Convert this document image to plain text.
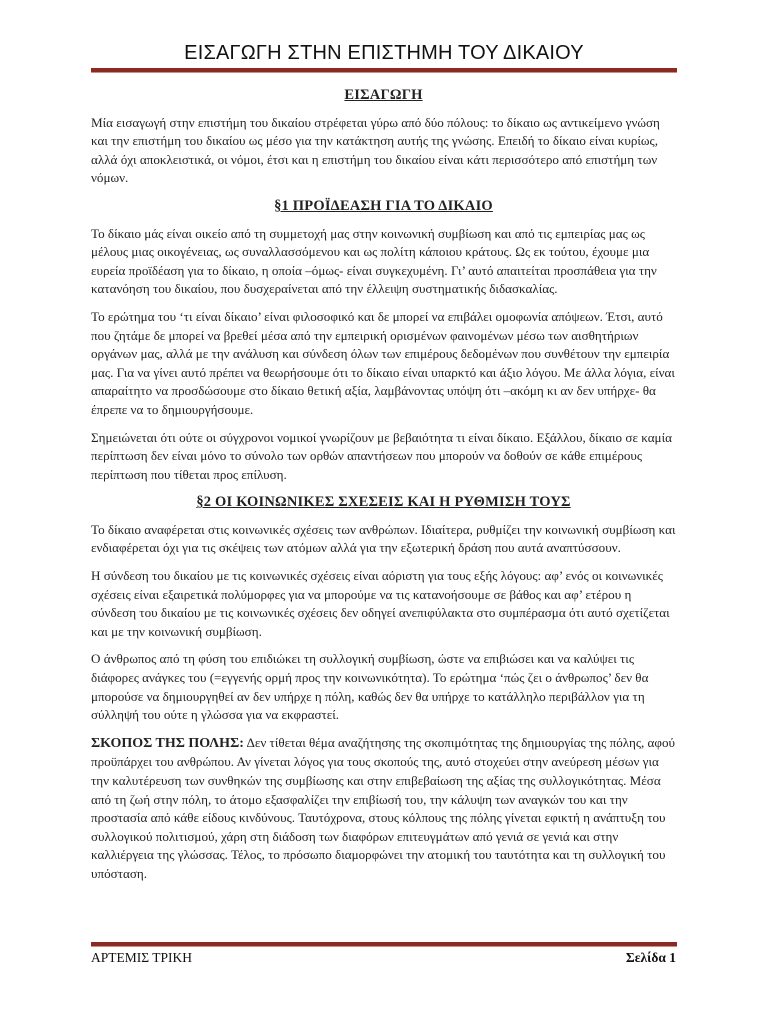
ΕΙΣΑΓΩΓΗ ΣΤΗΝ ΕΠΙΣΤΗΜΗ ΤΟΥ ΔΙΚΑΙΟΥ
ΕΙΣΑΓΩΓΗ

Μία εισαγωγή στην επιστήμη του δικαίου στρέφεται γύρω από δύο πόλους: το δίκαιο ως αντικείμενο γνώση και την επιστήμη του δικαίου ως μέσο για την κατάκτηση αυτής της γνώσης. Επειδή το δίκαιο είναι κυρίως, αλλά όχι αποκλειστικά, οι νόμοι, έτσι και η επιστήμη του δικαίου είναι κάτι περισσότερο από επιστήμη των νόμων.

§1 ΠΡΟΪΔΕΑΣΗ ΓΙΑ ΤΟ ΔΙΚΑΙΟ

Το δίκαιο μάς είναι οικείο από τη συμμετοχή μας στην κοινωνική συμβίωση και από τις εμπειρίας μας ως μέλους μιας οικογένειας, ως συναλλασσόμενου και ως πολίτη κάποιου κράτους. Ως εκ τούτου, έχουμε μια ευρεία προϊδέαση για το δίκαιο, η οποία –όμως- είναι συγκεχυμένη. Γι’ αυτό απαιτείται προσπάθεια για την κατανόηση του δικαίου, που δυσχεραίνεται από την έλλειψη συστηματικής διδασκαλίας.

Το ερώτημα του ‘τι είναι δίκαιο’ είναι φιλοσοφικό και δε μπορεί να επιβάλει ομοφωνία απόψεων. Έτσι, αυτό που ζητάμε δε μπορεί να βρεθεί μέσα από την εμπειρική ορισμένων φαινομένων μέσω των αισθητήριων οργάνων μας, αλλά με την ανάλυση και σύνδεση όλων των επιμέρους δεδομένων που συνθέτουν την εμπειρία μας. Για να γίνει αυτό πρέπει να θεωρήσουμε ότι το δίκαιο είναι υπαρκτό και άξιο λόγου. Με άλλα λόγια, είναι απαραίτητο να προσδώσουμε στο δίκαιο θετική αξία, λαμβάνοντας υπόψη ότι –ακόμη κι αν δεν υπήρχε- θα έπρεπε να το δημιουργήσουμε.

Σημειώνεται ότι ούτε οι σύγχρονοι νομικοί γνωρίζουν με βεβαιότητα τι είναι δίκαιο. Εξάλλου, δίκαιο σε καμία περίπτωση δεν είναι μόνο το σύνολο των ορθών απαντήσεων που μπορούν να δοθούν σε κάθε επιμέρους περίπτωση που τίθεται προς επίλυση.

§2 ΟΙ ΚΟΙΝΩΝΙΚΕΣ ΣΧΕΣΕΙΣ ΚΑΙ Η ΡΥΘΜΙΣΗ ΤΟΥΣ

Το δίκαιο αναφέρεται στις κοινωνικές σχέσεις των ανθρώπων. Ιδιαίτερα, ρυθμίζει την κοινωνική συμβίωση και ενδιαφέρεται όχι για τις σκέψεις των ατόμων αλλά για την εξωτερική δράση που αυτά αναπτύσσουν.

Η σύνδεση του δικαίου με τις κοινωνικές σχέσεις είναι αόριστη για τους εξής λόγους: αφ’ ενός οι κοινωνικές σχέσεις είναι εξαιρετικά πολύμορφες για να μπορούμε να τις κατανοήσουμε σε βάθος και αφ’ ετέρου η σύνδεση του δικαίου με τις κοινωνικές σχέσεις δεν οδηγεί ανεπιφύλακτα στο συμπέρασμα ότι αυτό σχετίζεται και με την κοινωνική συμβίωση.

Ο άνθρωπος από τη φύση του επιδιώκει τη συλλογική συμβίωση, ώστε να επιβιώσει και να καλύψει τις διάφορες ανάγκες του (=εγγενής ορμή προς την κοινωνικότητα). Το ερώτημα ‘πώς ζει ο άνθρωπος’ δεν θα μπορούσε να δημιουργηθεί αν δεν υπήρχε η πόλη, καθώς δεν θα υπήρχε το κατάλληλο περιβάλλον για τη σύλληψή του ούτε η γλώσσα για να εκφραστεί.

ΣΚΟΠΟΣ ΤΗΣ ΠΟΛΗΣ: Δεν τίθεται θέμα αναζήτησης της σκοπιμότητας της δημιουργίας της πόλης, αφού προϋπάρχει του ανθρώπου. Αν γίνεται λόγος για τους σκοπούς της, αυτό στοχεύει στην ανεύρεση μέσων για την καλυτέρευση των συνθηκών της συμβίωσης και στην επιβεβαίωση της αξίας της συλλογικότητας. Μέσα από τη ζωή στην πόλη, το άτομο εξασφαλίζει την επιβίωσή του, την κάλυψη των αναγκών του και την προστασία από κάθε είδους κινδύνους. Ταυτόχρονα, στους κόλπους της πόλης γίνεται εφικτή η ανάπτυξη του συλλογικού πολιτισμού, χάρη στη διάδοση των διαφόρων επιτευγμάτων από γενιά σε γενιά και στην καλλιέργεια της γλώσσας. Τέλος, το πρόσωπο διαμορφώνει την ατομική του ταυτότητα και τη συλλογική του υπόσταση.

ΑΡΤΕΜΙΣ ΤΡΙΚΗ	Σελίδα 1
